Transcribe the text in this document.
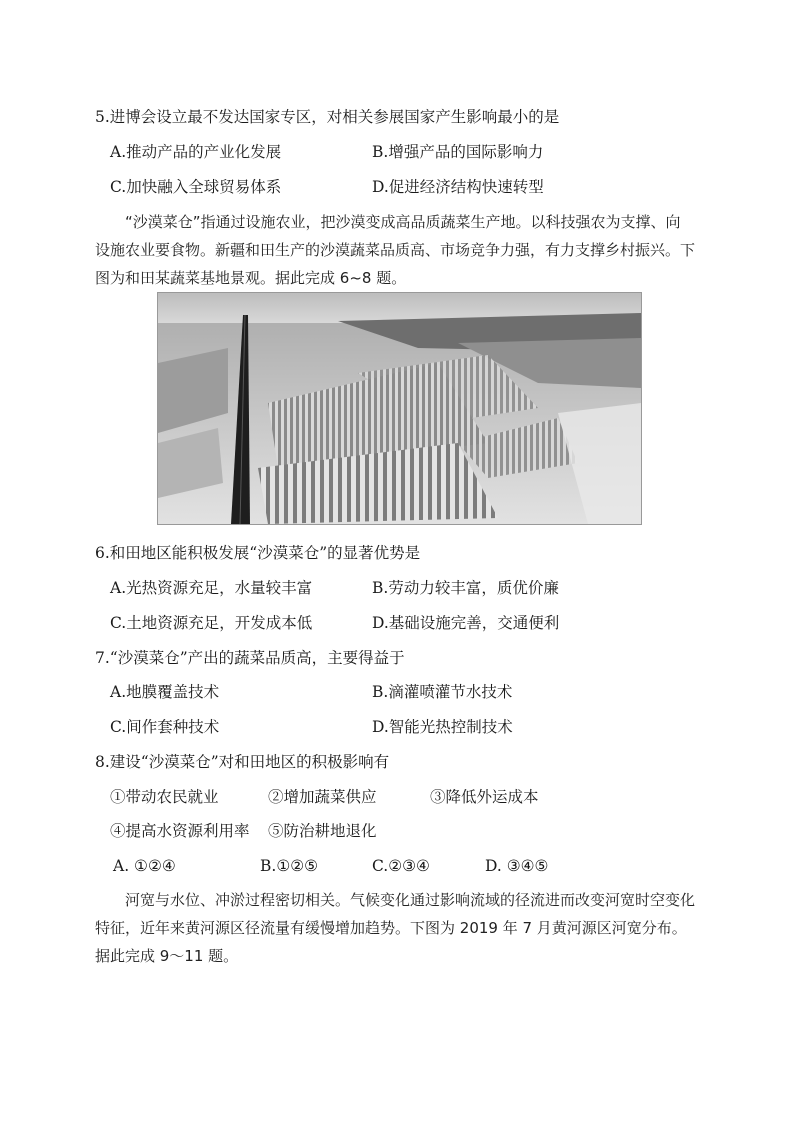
5.进博会设立最不发达国家专区，对相关参展国家产生影响最小的是
A.推动产品的产业化发展	B.增强产品的国际影响力
C.加快融入全球贸易体系	D.促进经济结构快速转型
“沙漠菜仓”指通过设施农业，把沙漠变成高品质蔬菜生产地。以科技强农为支撑、向设施农业要食物。新疆和田生产的沙漠蔬菜品质高、市场竞争力强，有力支撑乡村振兴。下图为和田某蔬菜基地景观。据此完成 6~8 题。
6.和田地区能积极发展“沙漠菜仓”的显著优势是
A.光热资源充足，水量较丰富	B.劳动力较丰富，质优价廉
C.土地资源充足，开发成本低	D.基础设施完善，交通便利
7.“沙漠菜仓”产出的蔬菜品质高，主要得益于
A.地膜覆盖技术	B.滴灌喷灌节水技术
C.间作套种技术	D.智能光热控制技术
8.建设“沙漠菜仓”对和田地区的积极影响有
①带动农民就业	②增加蔬菜供应	③降低外运成本
④提高水资源利用率 ⑤防治耕地退化
A. ①②④	B.①②⑤	C.②③④	D. ③④⑤
河宽与水位、冲淤过程密切相关。气候变化通过影响流域的径流进而改变河宽时空变化特征，近年来黄河源区径流量有缓慢增加趋势。下图为 2019 年 7 月黄河源区河宽分布。据此完成 9～11 题。
